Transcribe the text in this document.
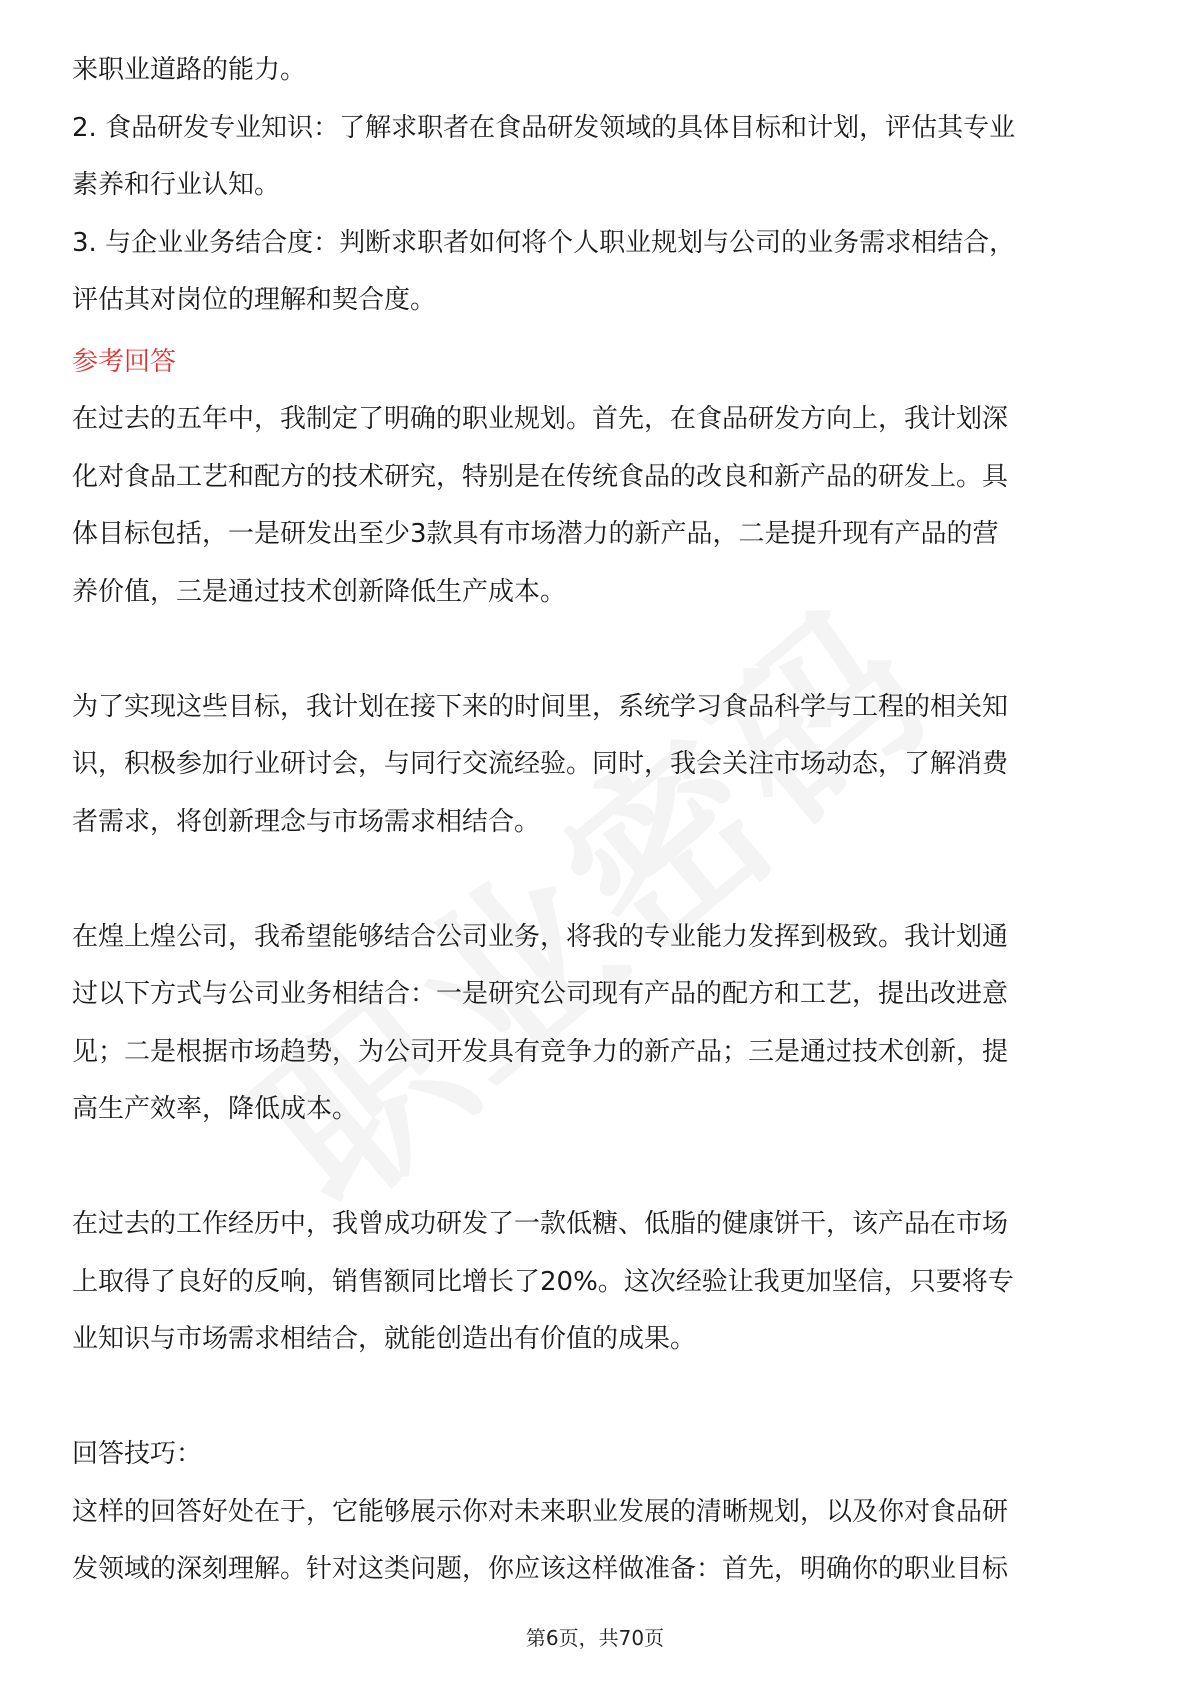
来职业道路的能力。
2. 食品研发专业知识：了解求职者在食品研发领域的具体目标和计划，评估其专业
素养和行业认知。
3. 与企业业务结合度：判断求职者如何将个人职业规划与公司的业务需求相结合，
评估其对岗位的理解和契合度。
参考回答
在过去的五年中，我制定了明确的职业规划。首先，在食品研发方向上，我计划深
化对食品工艺和配方的技术研究，特别是在传统食品的改良和新产品的研发上。具
体目标包括，一是研发出至少3款具有市场潜力的新产品，二是提升现有产品的营
养价值，三是通过技术创新降低生产成本。
为了实现这些目标，我计划在接下来的时间里，系统学习食品科学与工程的相关知
识，积极参加行业研讨会，与同行交流经验。同时，我会关注市场动态，了解消费
者需求，将创新理念与市场需求相结合。
在煌上煌公司，我希望能够结合公司业务，将我的专业能力发挥到极致。我计划通
过以下方式与公司业务相结合：一是研究公司现有产品的配方和工艺，提出改进意
见；二是根据市场趋势，为公司开发具有竞争力的新产品；三是通过技术创新，提
高生产效率，降低成本。
在过去的工作经历中，我曾成功研发了一款低糖、低脂的健康饼干，该产品在市场
上取得了良好的反响，销售额同比增长了20%。这次经验让我更加坚信，只要将专
业知识与市场需求相结合，就能创造出有价值的成果。
回答技巧：
这样的回答好处在于，它能够展示你对未来职业发展的清晰规划，以及你对食品研
发领域的深刻理解。针对这类问题，你应该这样做准备：首先，明确你的职业目标
第6页，共70页
